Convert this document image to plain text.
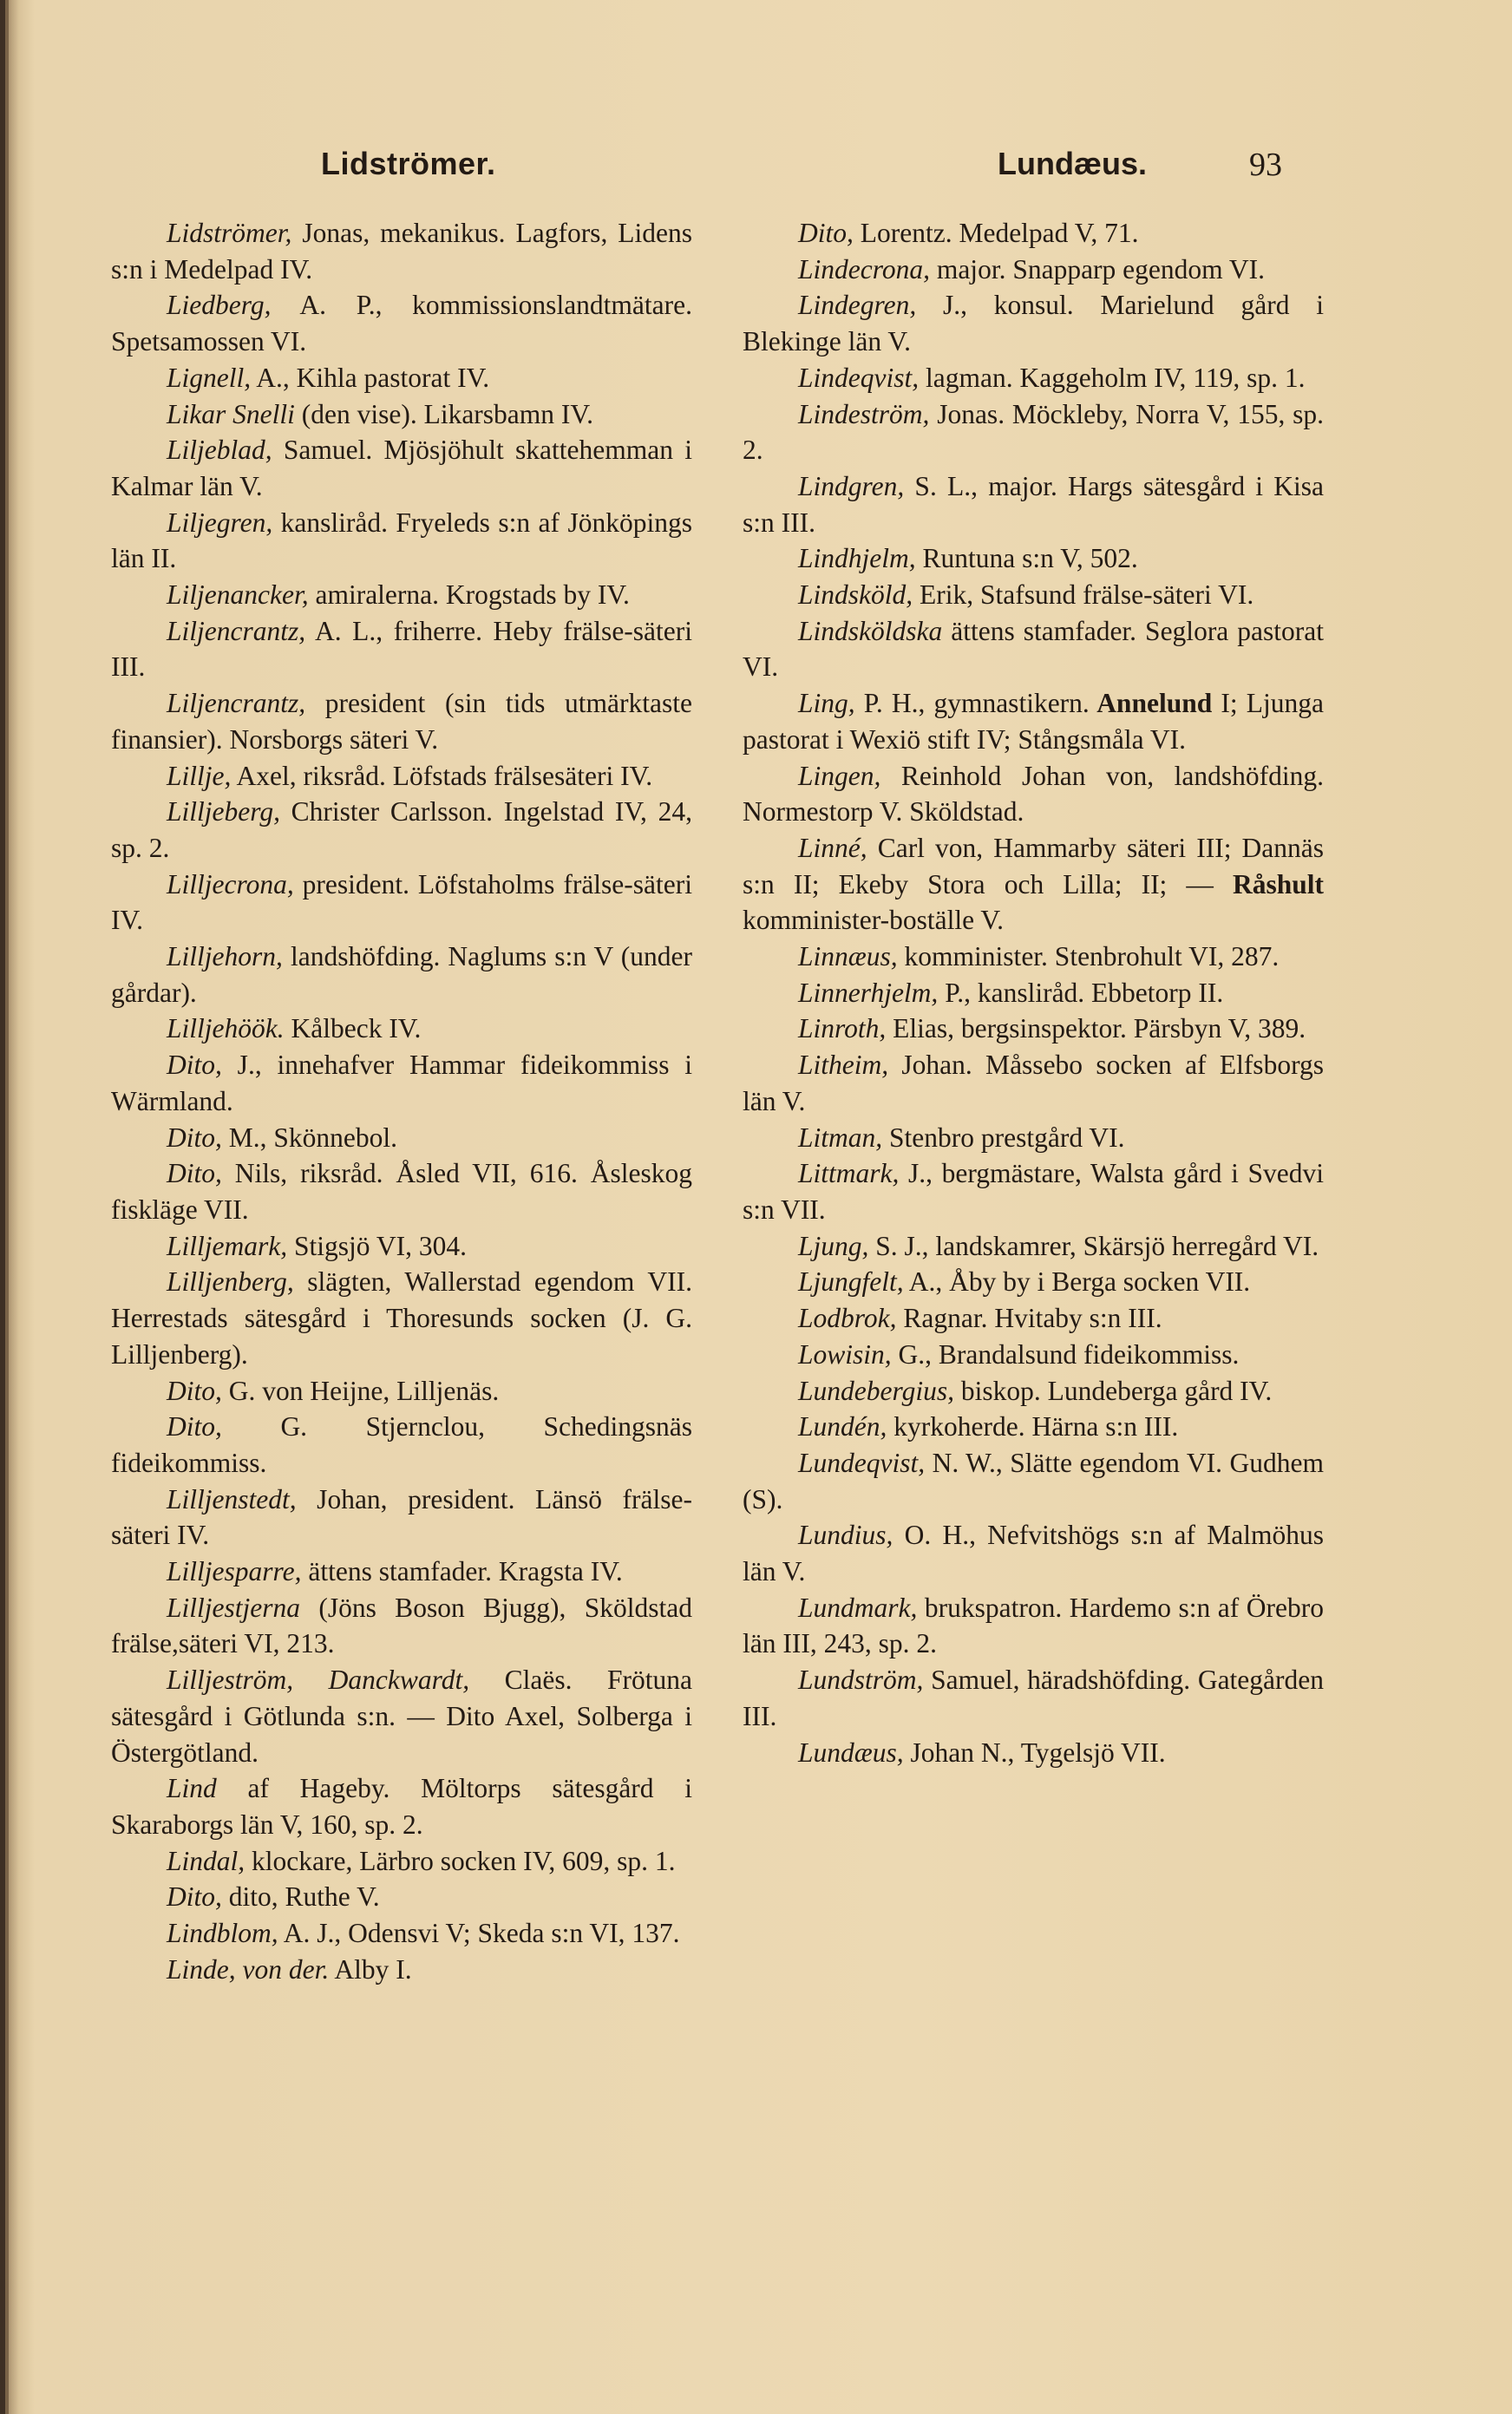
Lidströmer.	Lundæus.	93

Lidströmer, Jonas, mekanikus. Lagfors, Lidens s:n i Medelpad IV.

Liedberg, A. P., kommissionslandtmätare. Spetsamossen VI.

Lignell, A., Kihla pastorat IV.

Likar Snelli (den vise). Likarsbamn IV.

Liljeblad, Samuel. Mjösjöhult skattehemman i Kalmar län V.

Liljegren, kansliråd. Fryeleds s:n af Jönköpings län II.

Liljenancker, amiralerna. Krogstads by IV.

Liljencrantz, A. L., friherre. Heby frälse-säteri III.

Liljencrantz, president (sin tids utmärktaste finansier). Norsborgs säteri V.

Lillje, Axel, riksråd. Löfstads frälsesäteri IV.

Lilljeberg, Christer Carlsson. Ingelstad IV, 24, sp. 2.

Lilljecrona, president. Löfstaholms frälse-säteri IV.

Lilljehorn, landshöfding. Naglums s:n V (under gårdar).

Lilljehöök. Kålbeck IV.

Dito, J., innehafver Hammar fideikommiss i Wärmland.

Dito, M., Skönnebol.

Dito, Nils, riksråd. Åsled VII, 616. Åsleskog fiskläge VII.

Lilljemark, Stigsjö VI, 304.

Lilljenberg, slägten, Wallerstad egendom VII. Herrestads sätesgård i Thoresunds socken (J. G. Lilljenberg).

Dito, G. von Heijne, Lilljenäs.

Dito, G. Stjernclou, Schedingsnäs fideikommiss.

Lilljenstedt, Johan, president. Länsö frälse-säteri IV.

Lilljesparre, ättens stamfader. Kragsta IV.

Lilljestjerna (Jöns Boson Bjugg), Sköldstad frälse,säteri VI, 213.

Lilljeström, Danckwardt, Claës. Frötuna sätesgård i Götlunda s:n. — Dito Axel, Solberga i Östergötland.

Lind af Hageby. Möltorps sätesgård i Skaraborgs län V, 160, sp. 2.

Lindal, klockare, Lärbro socken IV, 609, sp. 1.

Dito, dito, Ruthe V.

Lindblom, A. J., Odensvi V; Skeda s:n VI, 137.

Linde, von der. Alby I.

Dito, Lorentz. Medelpad V, 71.

Lindecrona, major. Snapparp egendom VI.

Lindegren, J., konsul. Marielund gård i Blekinge län V.

Lindeqvist, lagman. Kaggeholm IV, 119, sp. 1.

Lindeström, Jonas. Möckleby, Norra V, 155, sp. 2.

Lindgren, S. L., major. Hargs sätesgård i Kisa s:n III.

Lindhjelm, Runtuna s:n V, 502.

Lindsköld, Erik, Stafsund frälse-säteri VI.

Lindsköldska ättens stamfader. Seglora pastorat VI.

Ling, P. H., gymnastikern. Annelund I; Ljunga pastorat i Wexiö stift IV; Stångsmåla VI.

Lingen, Reinhold Johan von, landshöfding. Normestorp V. Sköldstad.

Linné, Carl von, Hammarby säteri III; Dannäs s:n II; Ekeby Stora och Lilla; II; — Råshult komminister-boställe V.

Linnæus, komminister. Stenbrohult VI, 287.

Linnerhjelm, P., kansliråd. Ebbetorp II.

Linroth, Elias, bergsinspektor. Pärsbyn V, 389.

Litheim, Johan. Måssebo socken af Elfsborgs län V.

Litman, Stenbro prestgård VI.

Littmark, J., bergmästare, Walsta gård i Svedvi s:n VII.

Ljung, S. J., landskamrer, Skärsjö herregård VI.

Ljungfelt, A., Åby by i Berga socken VII.

Lodbrok, Ragnar. Hvitaby s:n III.

Lowisin, G., Brandalsund fideikommiss.

Lundebergius, biskop. Lundeberga gård IV.

Lundén, kyrkoherde. Härna s:n III.

Lundeqvist, N. W., Slätte egendom VI. Gudhem (S).

Lundius, O. H., Nefvitshögs s:n af Malmöhus län V.

Lundmark, brukspatron. Hardemo s:n af Örebro län III, 243, sp. 2.

Lundström, Samuel, häradshöfding. Gategården III.

Lundæus, Johan N., Tygelsjö VII.
